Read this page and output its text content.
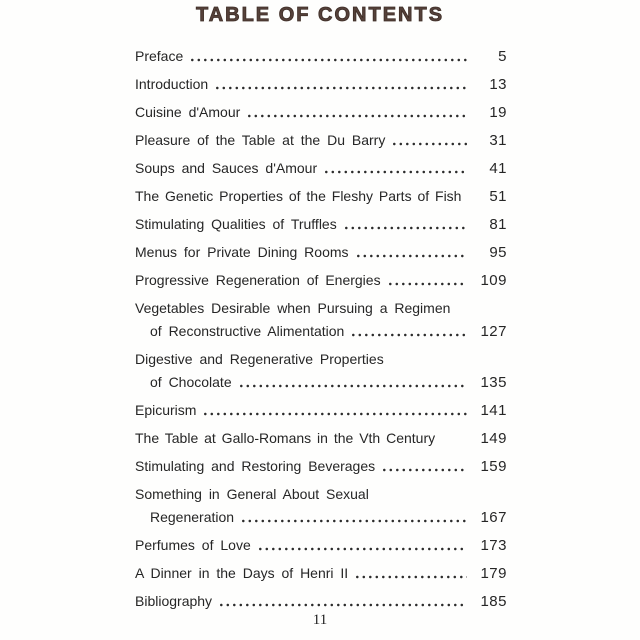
TABLE OF CONTENTS
Preface	5
Introduction	13
Cuisine d'Amour	19
Pleasure of the Table at the Du Barry	31
Soups and Sauces d'Amour	41
The Genetic Properties of the Fleshy Parts of Fish	51
Stimulating Qualities of Truffles	81
Menus for Private Dining Rooms	95
Progressive Regeneration of Energies	109
Vegetables Desirable when Pursuing a Regimen
of Reconstructive Alimentation	127
Digestive and Regenerative Properties
of Chocolate	135
Epicurism	141
The Table at Gallo-Romans in the Vth Century	149
Stimulating and Restoring Beverages	159
Something in General About Sexual
Regeneration	167
Perfumes of Love	173
A Dinner in the Days of Henri II	179
Bibliography	185
11
